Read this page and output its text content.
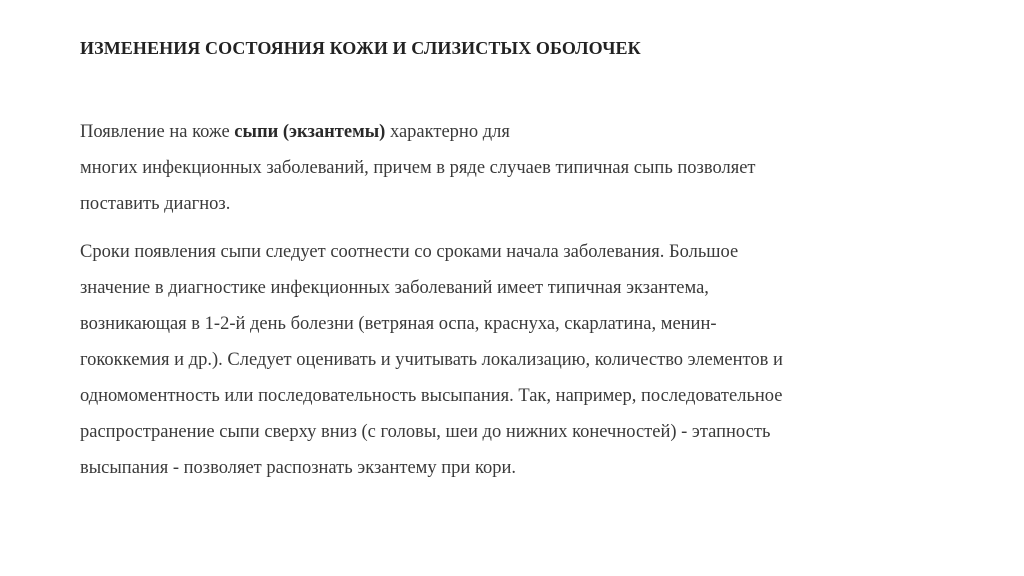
ИЗМЕНЕНИЯ СОСТОЯНИЯ КОЖИ И СЛИЗИСТЫХ ОБОЛОЧЕК
Появление на коже сыпи (экзантемы) характерно для
многих инфекционных заболеваний, причем в ряде случаев типичная сыпь позволяет
поставить диагноз.
Сроки появления сыпи следует соотнести со сроками начала заболевания. Большое
значение в диагностике инфекционных заболеваний имеет типичная экзантема,
возникающая в 1-2-й день болезни (ветряная оспа, краснуха, скарлатина, менин-
гококкемия и др.). Следует оценивать и учитывать локализацию, количество элементов и
одномоментность или последовательность высыпания. Так, например, последовательное
распространение сыпи сверху вниз (с головы, шеи до нижних конечностей) - этапность
высыпания - позволяет распознать экзантему при кори.
